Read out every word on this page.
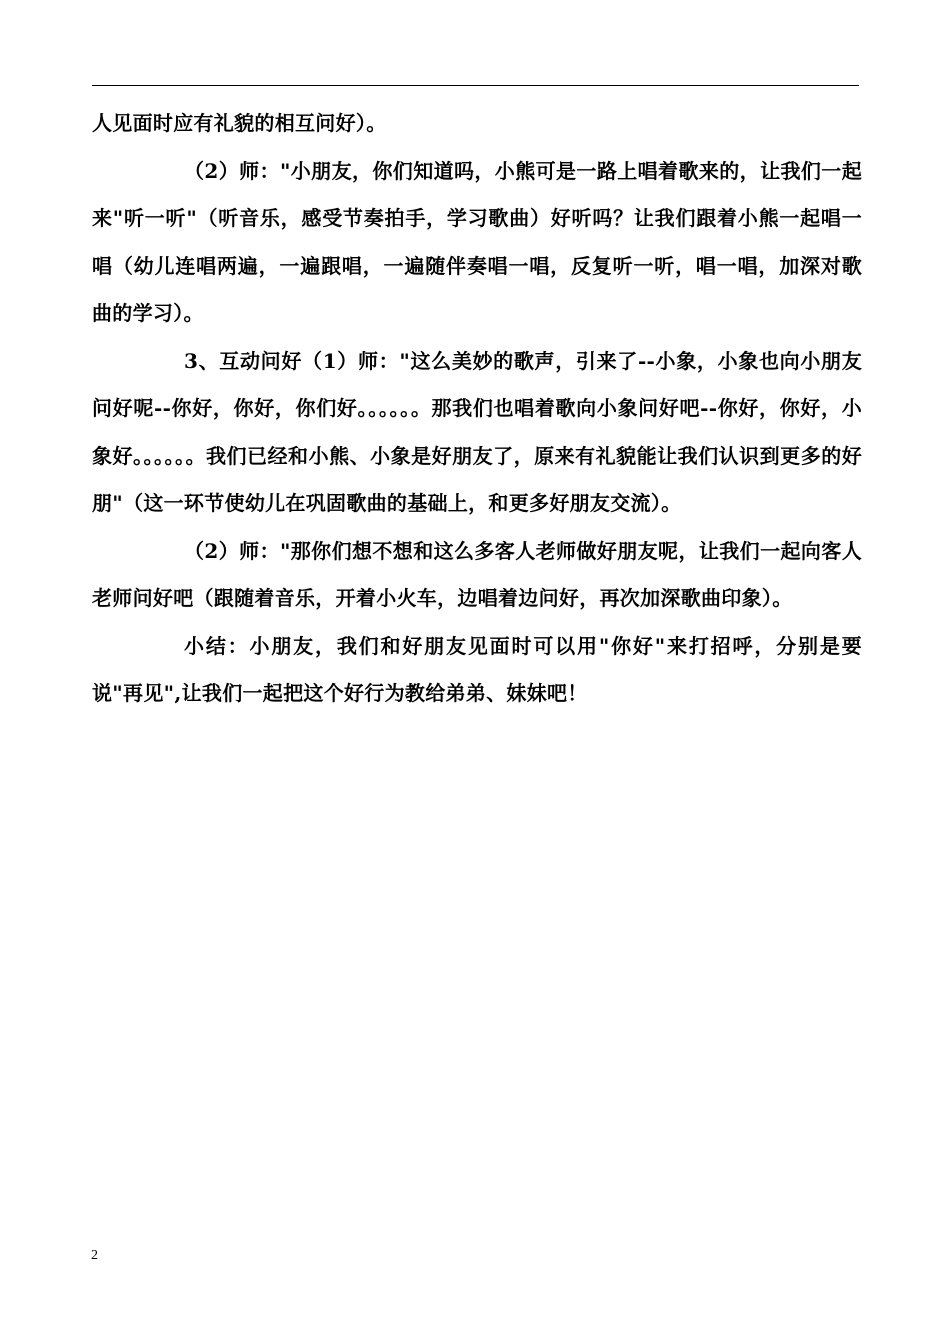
人见面时应有礼貌的相互问好）。

（2）师："小朋友，你们知道吗，小熊可是一路上唱着歌来的，让我们一起来"听一听"（听音乐，感受节奏拍手，学习歌曲）好听吗？让我们跟着小熊一起唱一唱（幼儿连唱两遍，一遍跟唱，一遍随伴奏唱一唱，反复听一听，唱一唱，加深对歌曲的学习）。

3、互动问好（1）师："这么美妙的歌声，引来了--小象，小象也向小朋友问好呢--你好，你好，你们好。。。。。。那我们也唱着歌向小象问好吧--你好，你好，小象好。。。。。。我们已经和小熊、小象是好朋友了，原来有礼貌能让我们认识到更多的好朋"（这一环节使幼儿在巩固歌曲的基础上，和更多好朋友交流）。

（2）师："那你们想不想和这么多客人老师做好朋友呢，让我们一起向客人老师问好吧（跟随着音乐，开着小火车，边唱着边问好，再次加深歌曲印象）。

小结：小朋友，我们和好朋友见面时可以用"你好"来打招呼，分别是要说"再见",让我们一起把这个好行为教给弟弟、妹妹吧！

2
